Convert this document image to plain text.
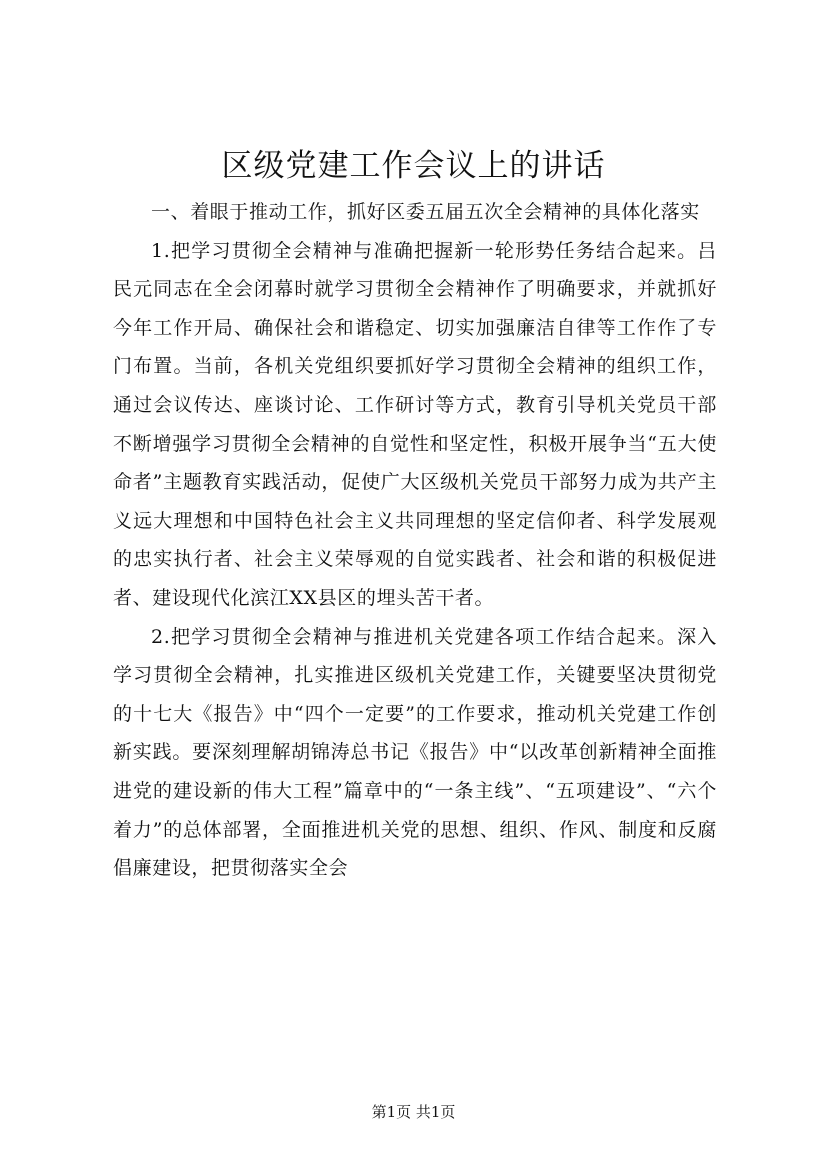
区级党建工作会议上的讲话

一、着眼于推动工作，抓好区委五届五次全会精神的具体化落实

1.把学习贯彻全会精神与准确把握新一轮形势任务结合起来。吕民元同志在全会闭幕时就学习贯彻全会精神作了明确要求，并就抓好今年工作开局、确保社会和谐稳定、切实加强廉洁自律等工作作了专门布置。当前，各机关党组织要抓好学习贯彻全会精神的组织工作，通过会议传达、座谈讨论、工作研讨等方式，教育引导机关党员干部不断增强学习贯彻全会精神的自觉性和坚定性，积极开展争当“五大使命者”主题教育实践活动，促使广大区级机关党员干部努力成为共产主义远大理想和中国特色社会主义共同理想的坚定信仰者、科学发展观的忠实执行者、社会主义荣辱观的自觉实践者、社会和谐的积极促进者、建设现代化滨江XX县区的埋头苦干者。

2.把学习贯彻全会精神与推进机关党建各项工作结合起来。深入学习贯彻全会精神，扎实推进区级机关党建工作，关键要坚决贯彻党的十七大《报告》中“四个一定要”的工作要求，推动机关党建工作创新实践。要深刻理解胡锦涛总书记《报告》中“以改革创新精神全面推进党的建设新的伟大工程”篇章中的“一条主线”、“五项建设”、“六个着力”的总体部署，全面推进机关党的思想、组织、作风、制度和反腐倡廉建设，把贯彻落实全会

第1页 共1页
